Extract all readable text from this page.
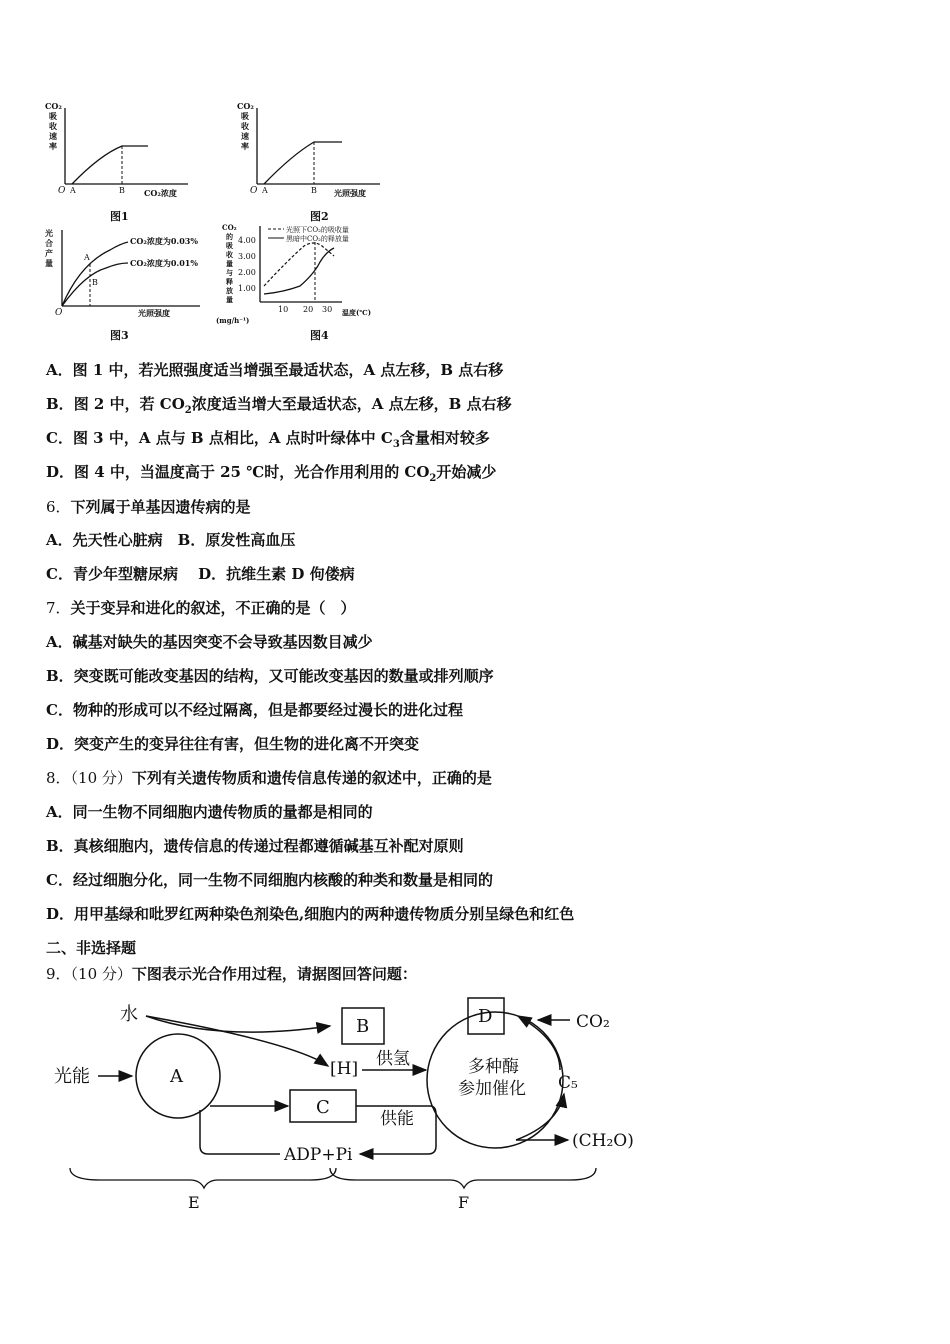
CO₂
吸
收
速
率
O A	B CO₂浓度
图1
CO₂
吸
收
速
率
O A	B 光照强度
图2
光
合
产
量
A
B
CO₂浓度为0.03%
CO₂浓度为0.01%
O	光照强度
图3
CO₂
的
吸
收
量
与
释
放
量
(mg/h⁻¹)
4.00
3.00
2.00
1.00
10 20 30
光照下CO₂的吸收量
黑暗中CO₂的释放量
温度(℃)
图4
A．图 1 中，若光照强度适当增强至最适状态，A 点左移，B 点右移
B．图 2 中，若 $CO_2$浓度适当增大至最适状态，A 点左移，B 点右移
C．图 3 中，A 点与 B 点相比，A 点时叶绿体中 $C_3$含量相对较多
D．图 4 中，当温度高于 25 ℃时，光合作用利用的 $CO_2$开始减少
6．下列属于单基因遗传病的是
A．先天性心脏病　B．原发性高血压
C．青少年型糖尿病　 D．抗维生素 D 佝偻病
7．关于变异和进化的叙述，不正确的是（　）
A．碱基对缺失的基因突变不会导致基因数目减少
B．突变既可能改变基因的结构，又可能改变基因的数量或排列顺序
C．物种的形成可以不经过隔离，但是都要经过漫长的进化过程
D．突变产生的变异往往有害，但生物的进化离不开突变
8．（10 分）下列有关遗传物质和遗传信息传递的叙述中，正确的是
A．同一生物不同细胞内遗传物质的量都是相同的
B．真核细胞内，遗传信息的传递过程都遵循碱基互补配对原则
C．经过细胞分化，同一生物不同细胞内核酸的种类和数量是相同的
D．用甲基绿和吡罗红两种染色剂染色,细胞内的两种遗传物质分别呈绿色和红色
二、非选择题
9．（10 分）下图表示光合作用过程，请据图回答问题：
水
光能	A
B
[H] 供氢
C
供能
ADP+Pi
多种酶
参加催化
D	CO₂
C₅
(CH₂O)
E	F
